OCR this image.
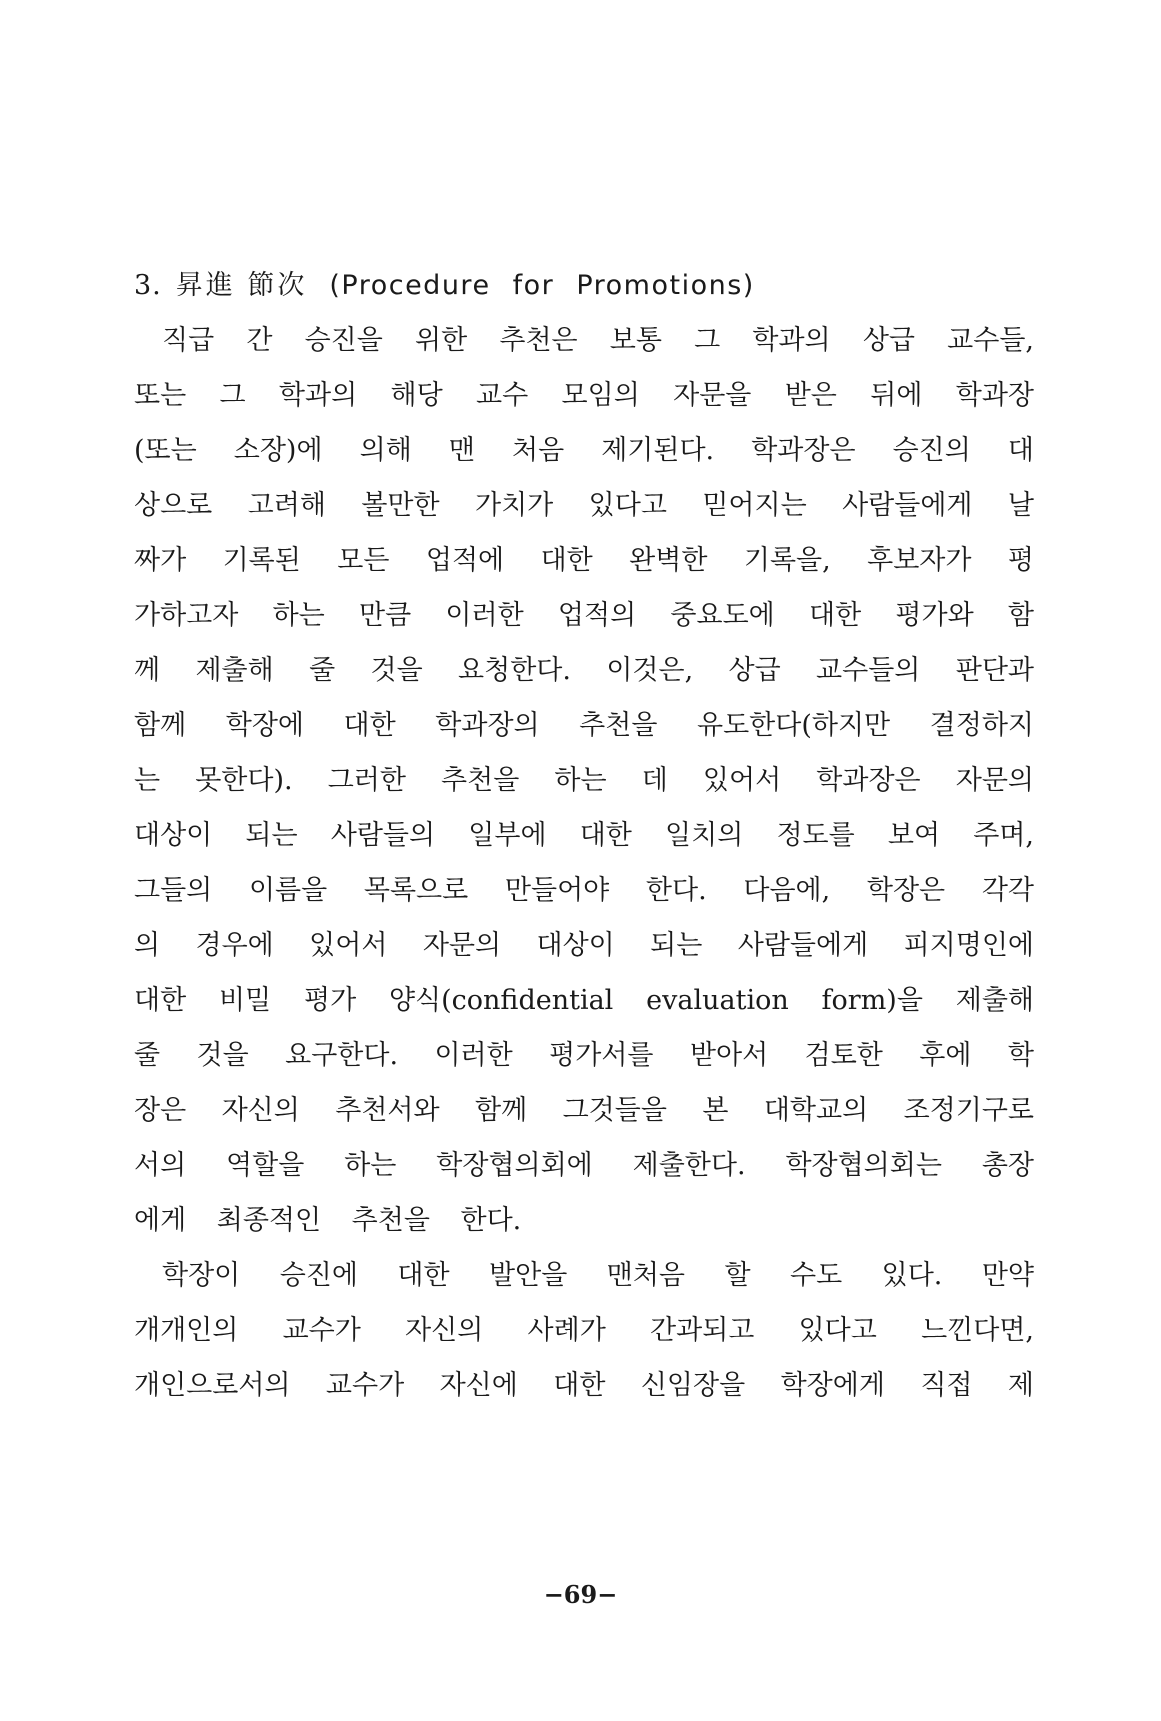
3. 昇進 節次 (Procedure for Promotions)
직급 간 승진을 위한 추천은 보통 그 학과의 상급 교수들,
또는 그 학과의 해당 교수 모임의 자문을 받은 뒤에 학과장
(또는 소장)에 의해 맨 처음 제기된다. 학과장은 승진의 대
상으로 고려해 볼만한 가치가 있다고 믿어지는 사람들에게 날
짜가 기록된 모든 업적에 대한 완벽한 기록을, 후보자가 평
가하고자 하는 만큼 이러한 업적의 중요도에 대한 평가와 함
께 제출해 줄 것을 요청한다. 이것은, 상급 교수들의 판단과
함께 학장에 대한 학과장의 추천을 유도한다(하지만 결정하지
는 못한다). 그러한 추천을 하는 데 있어서 학과장은 자문의
대상이 되는 사람들의 일부에 대한 일치의 정도를 보여 주며,
그들의 이름을 목록으로 만들어야 한다. 다음에, 학장은 각각
의 경우에 있어서 자문의 대상이 되는 사람들에게 피지명인에
대한 비밀 평가 양식(confidential evaluation form)을 제출해
줄 것을 요구한다. 이러한 평가서를 받아서 검토한 후에 학
장은 자신의 추천서와 함께 그것들을 본 대학교의 조정기구로
서의 역할을 하는 학장협의회에 제출한다. 학장협의회는 총장
에게 최종적인 추천을 한다.
학장이 승진에 대한 발안을 맨처음 할 수도 있다. 만약
개개인의 교수가 자신의 사례가 간과되고 있다고 느낀다면,
개인으로서의 교수가 자신에 대한 신임장을 학장에게 직접 제
−69−
